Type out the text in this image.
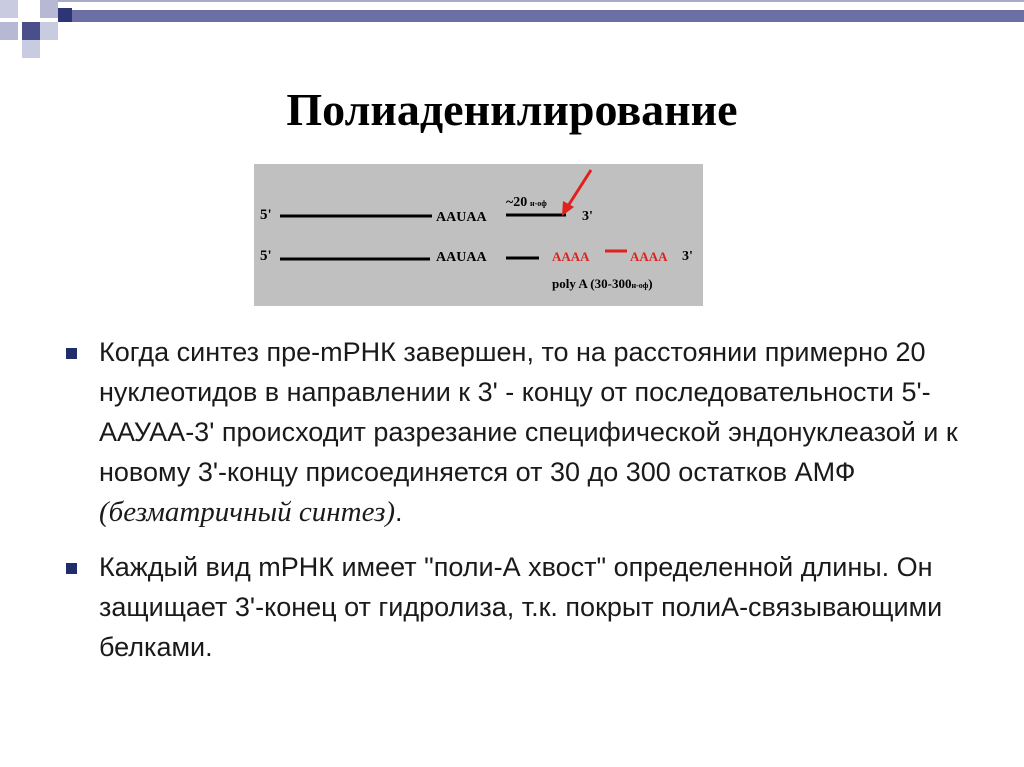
Полиаденилирование
5'	AAUAA
~20 н-оф
3'
5'	AAUAA	AAAA	AAAA 3'
poly A (30-300н-оф)
Когда синтез пре-mРНК завершен, то на расстоянии примерно 20 нуклеотидов в направлении к 3' - концу от последовательности 5'-ААУАА-3' происходит разрезание специфической эндонуклеазой и к новому 3'-концу присоединяется от 30 до 300 остатков АМФ (безматричный синтез).
Каждый вид mРНК имеет "поли-А хвост" определенной длины. Он защищает 3'-конец от гидролиза, т.к. покрыт полиА-связывающими белками.
